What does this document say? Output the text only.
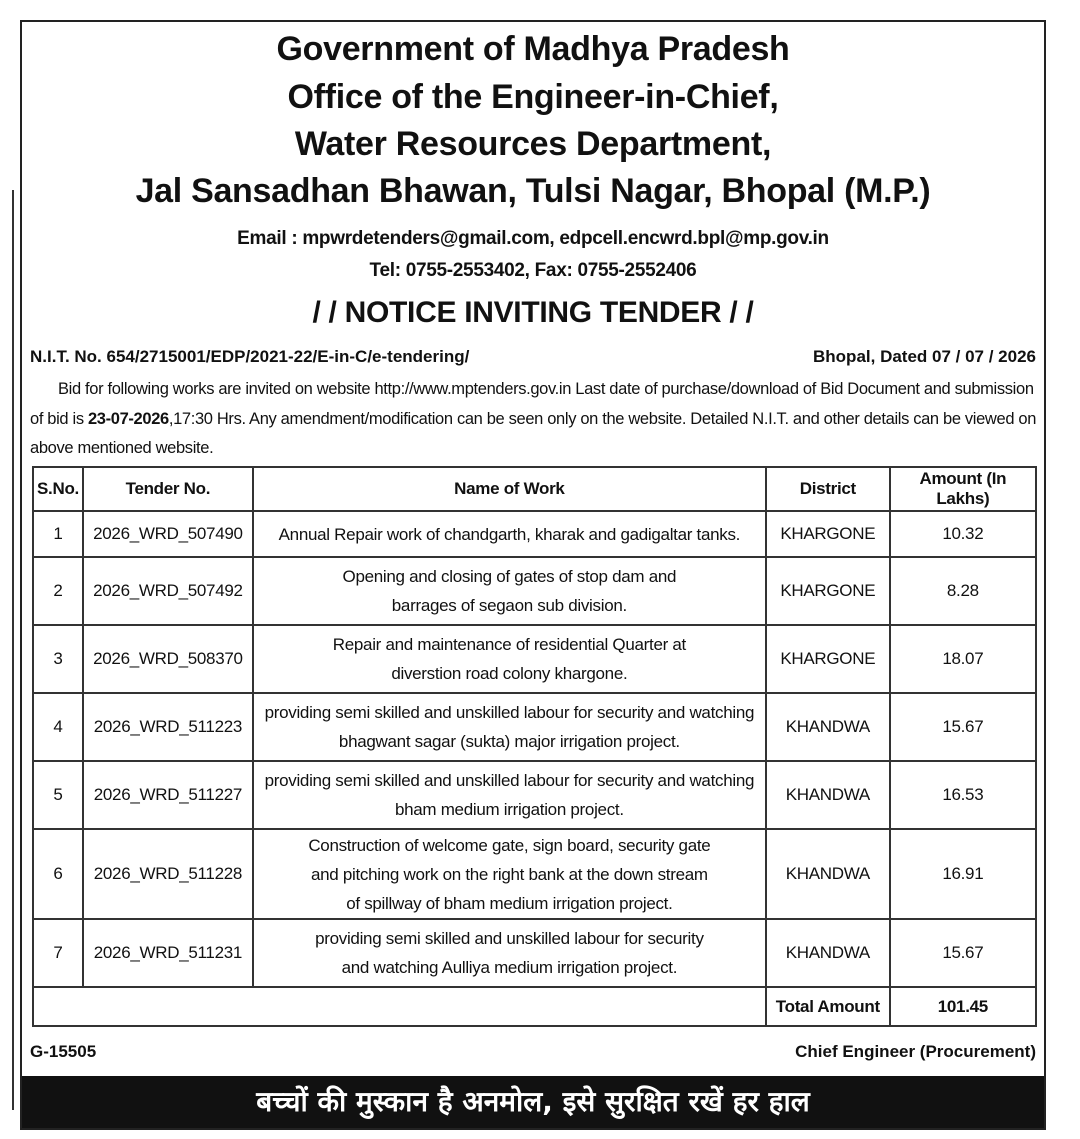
Government of Madhya Pradesh
Office of the Engineer-in-Chief,
Water Resources Department,
Jal Sansadhan Bhawan, Tulsi Nagar, Bhopal (M.P.)
Email : mpwrdetenders@gmail.com, edpcell.encwrd.bpl@mp.gov.in
Tel: 0755-2553402, Fax: 0755-2552406
/ / NOTICE INVITING TENDER / /
N.I.T. No. 654/2715001/EDP/2021-22/E-in-C/e-tendering/	Bhopal, Dated 07 / 07 / 2026
Bid for following works are invited on website http://www.mptenders.gov.in Last date of purchase/download of Bid Document and submission of bid is 23-07-2026,17:30 Hrs. Any amendment/modification can be seen only on the website. Detailed N.I.T. and other details can be viewed on above mentioned website.
S.No.	Tender No.	Name of Work	District	Amount (In Lakhs)
1	2026_WRD_507490	Annual Repair work of chandgarth, kharak and gadigaltar tanks.	KHARGONE	10.32
2	2026_WRD_507492	Opening and closing of gates of stop dam and
barrages of segaon sub division.	KHARGONE	8.28
3	2026_WRD_508370	Repair and maintenance of residential Quarter at
diverstion road colony khargone.	KHARGONE	18.07
4	2026_WRD_511223	providing semi skilled and unskilled labour for security and watching
bhagwant sagar (sukta) major irrigation project.	KHANDWA	15.67
5	2026_WRD_511227	providing semi skilled and unskilled labour for security and watching
bham medium irrigation project.	KHANDWA	16.53
6	2026_WRD_511228	Construction of welcome gate, sign board, security gate
and pitching work on the right bank at the down stream
of spillway of bham medium irrigation project.	KHANDWA	16.91
7	2026_WRD_511231	providing semi skilled and unskilled labour for security
and watching Aulliya medium irrigation project.	KHANDWA	15.67
			Total Amount	101.45
G-15505	Chief Engineer (Procurement)
बच्चों की मुस्कान है अनमोल, इसे सुरक्षित रखें हर हाल
